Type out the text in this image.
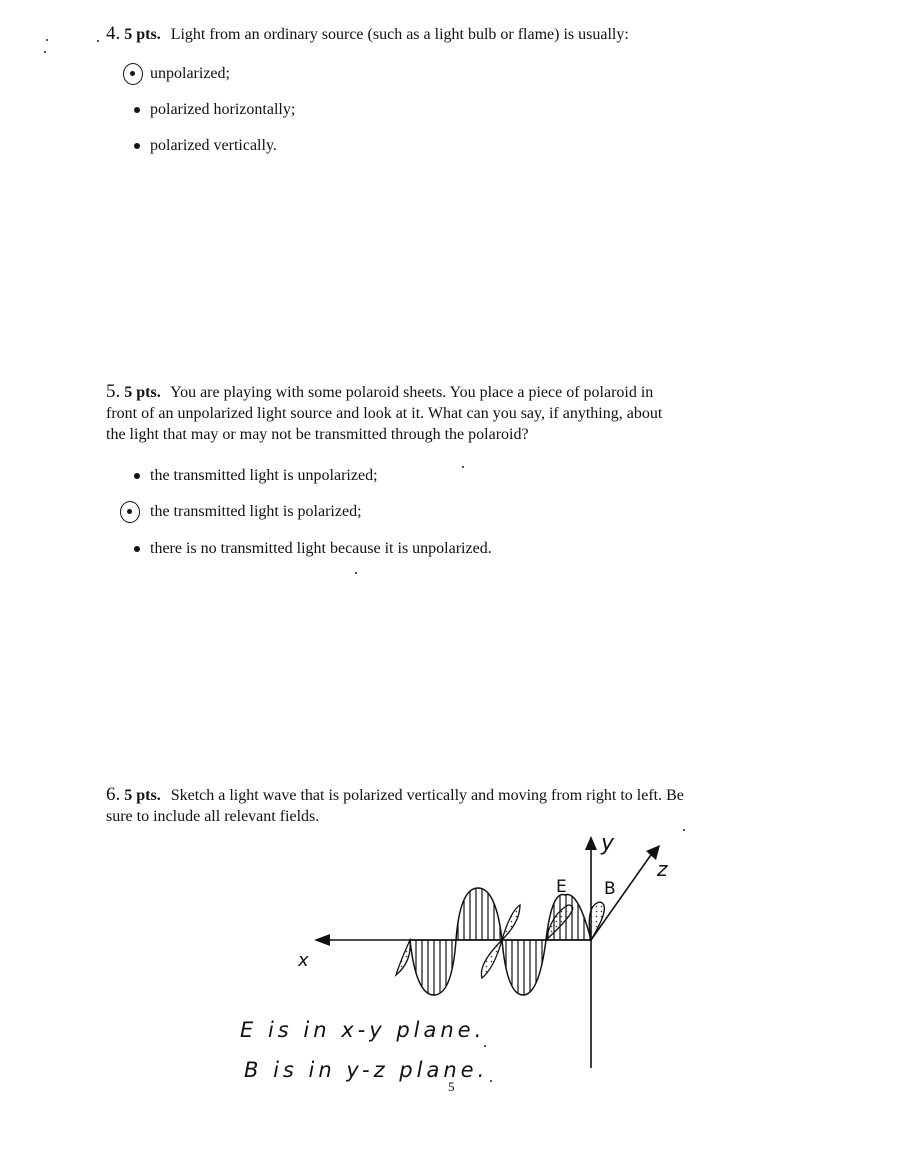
4. 5 pts. Light from an ordinary source (such as a light bulb or flame) is usually:
unpolarized;
polarized horizontally;
polarized vertically.
5. 5 pts. You are playing with some polaroid sheets. You place a piece of polaroid in
front of an unpolarized light source and look at it. What can you say, if anything, about
the light that may or may not be transmitted through the polaroid?
the transmitted light is unpolarized;
the transmitted light is polarized;
there is no transmitted light because it is unpolarized.
6. 5 pts. Sketch a light wave that is polarized vertically and moving from right to left. Be
sure to include all relevant fields.
y
x
z
E B
E is in x-y plane.
B is in y-z plane.
5
